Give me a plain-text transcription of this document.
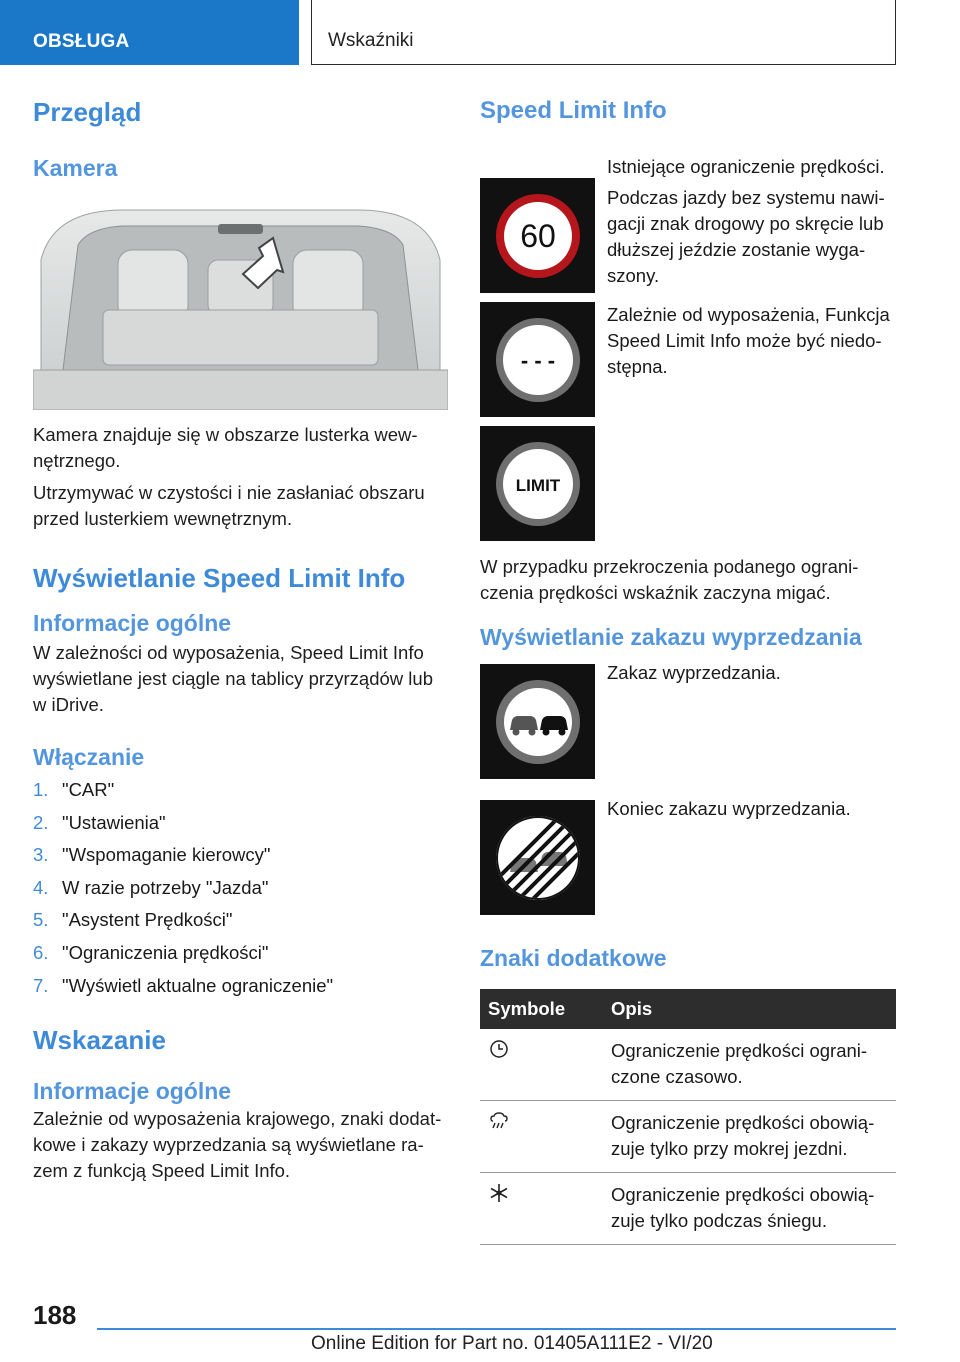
OBSŁUGA	Wskaźniki
Przegląd
Kamera
Kamera znajduje się w obszarze lusterka wewnętrznego.
Utrzymywać w czystości i nie zasłaniać obszaru przed lusterkiem wewnętrznym.
Wyświetlanie Speed Limit Info
Informacje ogólne
W zależności od wyposażenia, Speed Limit Info wyświetlane jest ciągle na tablicy przyrządów lub w iDrive.
Włączanie
1. "CAR"
2. "Ustawienia"
3. "Wspomaganie kierowcy"
4. W razie potrzeby "Jazda"
5. "Asystent Prędkości"
6. "Ograniczenia prędkości"
7. "Wyświetl aktualne ograniczenie"
Wskazanie
Informacje ogólne
Zależnie od wyposażenia krajowego, znaki dodatkowe i zakazy wyprzedzania są wyświetlane razem z funkcją Speed Limit Info.
Speed Limit Info
60

Istniejące ograniczenie prędkości.

Podczas jazdy bez systemu nawigacji znak drogowy po skręcie lub dłuższej jeździe zostanie wygaszony.

- - -

Zależnie od wyposażenia, Funkcja Speed Limit Info może być niedostępna.

LIMIT
W przypadku przekroczenia podanego ograniczenia prędkości wskaźnik zaczyna migać.
Wyświetlanie zakazu wyprzedzania

Zakaz wyprzedzania.

Koniec zakazu wyprzedzania.

Znaki dodatkowe
Symbole	Opis
	Ograniczenie prędkości ograniczone czasowo.
	Ograniczenie prędkości obowiązuje tylko przy mokrej jezdni.
	Ograniczenie prędkości obowiązuje tylko podczas śniegu.
188
Online Edition for Part no. 01405A111E2 - VI/20
